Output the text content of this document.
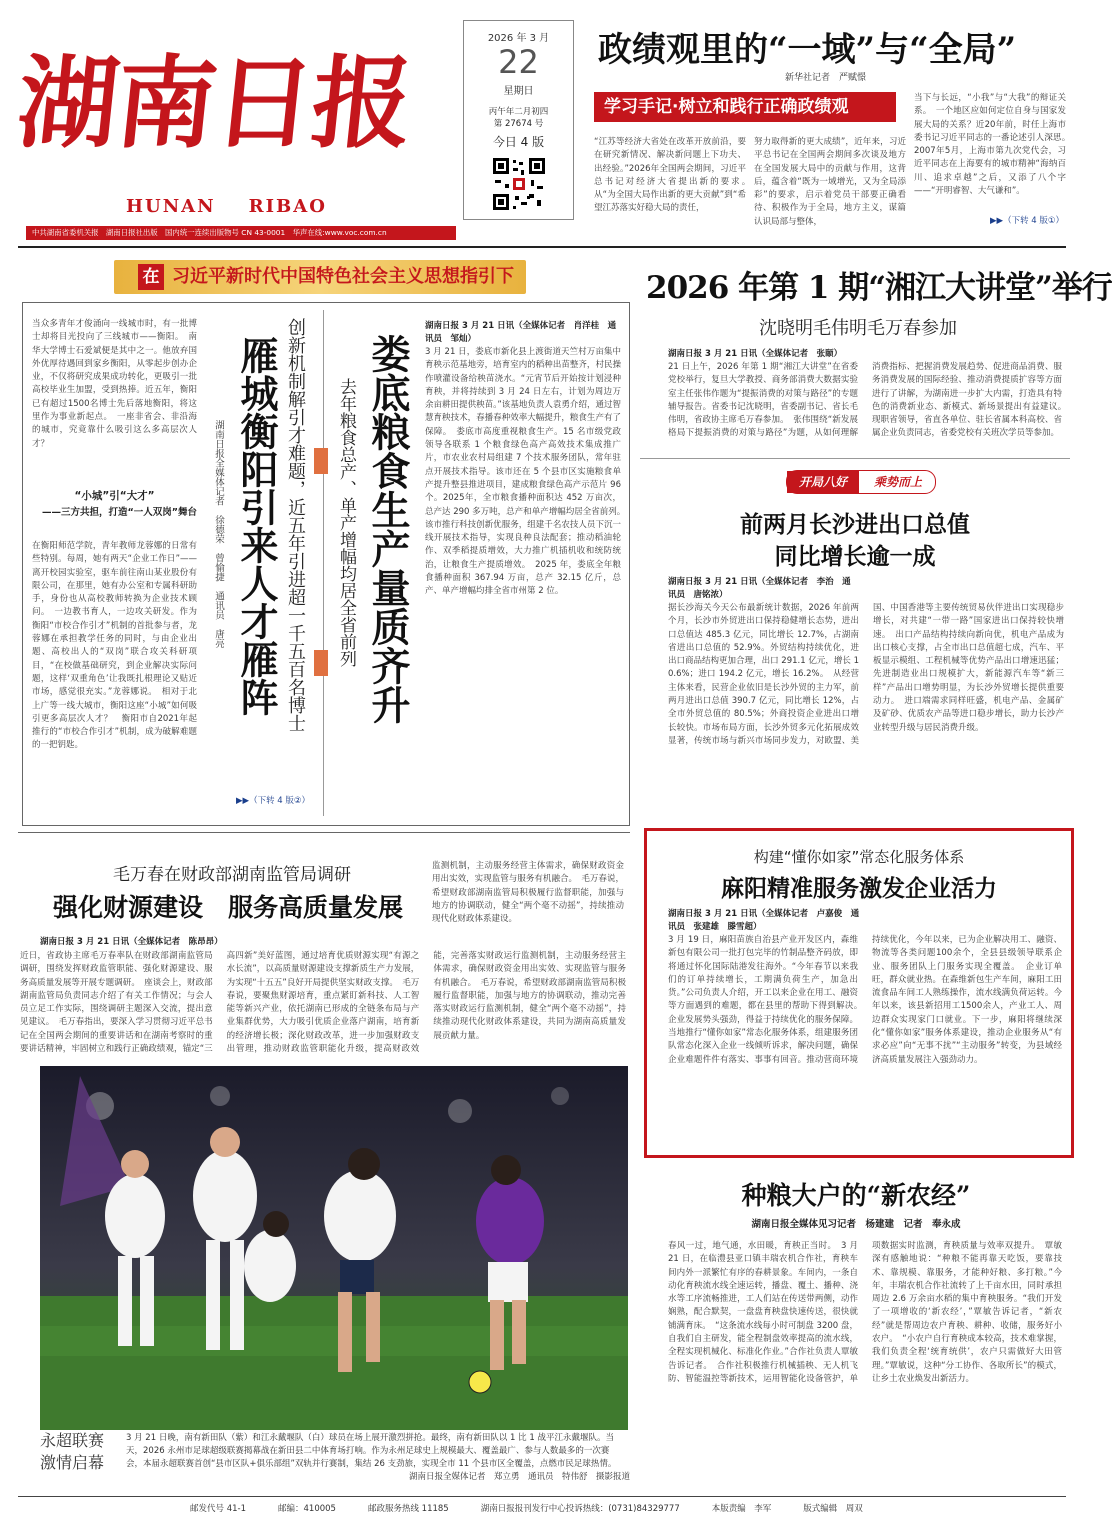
湖南日报
HUNAN    RIBAO
2026 年 3 月
22
星期日
丙午年二月初四
第 27674 号
今日 4 版
中共湖南省委机关报　湖南日报社出版　国内统一连续出版物号 CN 43-0001　华声在线:www.voc.com.cn
政绩观里的“一域”与“全局”
新华社记者　严赋憬
学习手记·树立和践行正确政绩观
“江苏等经济大省处在改革开放前沿，要在研究新情况、解决新问题上下功夫、出经验。”2026年全国两会期间，习近平总书记对经济大省提出新的要求。　从“为全国大局作出新的更大贡献”到“希望江苏落实好稳大局的责任，
努力取得新的更大成绩”，近年来，习近平总书记在全国两会期间多次谈及地方在全国发展大局中的贡献与作用，这背后，蕴含着“既为一域增光，又为全局添彩”的要求，启示着党员干部要正确看待、积极作为于全局，地方主义，谋篇认识局部与整体，
当下与长远，“小我”与“大我”的辩证关系。　一个地区应如何定位自身与国家发展大局的关系？近20年前，时任上海市委书记习近平同志的一番论述引人深思。　2007年5月，上海市第九次党代会，习近平同志在上海要有的城市精神“海纳百川、追求卓越”之后，又添了八个字——“开明睿智、大气谦和”。
▶▶（下转 4 版①）
在 习近平新时代中国特色社会主义思想指引下
当众多青年才俊涌向一线城市时，有一批博士却将目光投向了三线城市——衡阳。　南华大学博士石爱斌便是其中之一。他放弃国外优厚待遇回到家乡衡阳，从零起步创办企业，不仅将研究成果成功转化，更吸引一批高校毕业生加盟，受到热捧。近五年，衡阳已有超过1500名博士先后落地衡阳，将这里作为事业新起点。　一座非省会、非沿海的城市，究竟靠什么吸引这么多高层次人才？
“小城”引“大才”
——三方共担，打造“一人双岗”舞台
在衡阳师范学院，青年教师龙蓉娜的日常有些特别。每周，她有两天“企业工作日”——离开校园实验室，驱车前往南山某业股份有限公司，在那里，她有办公室和专属科研助手，身份也从高校教师转换为企业技术顾问。　一边教书育人，一边攻关研发。作为衡阳“市校合作引才”机制的首批参与者，龙蓉娜在承担教学任务的同时，与由企业出题、高校出人的“双岗”联合攻关科研项目，“在校做基础研究，到企业解决实际问题，这样‘双重角色’让我既扎根理论又贴近市场，感觉很充实。”龙蓉娜说。　相对于北上广等一线大城市，衡阳这座“小城”如何吸引更多高层次人才？　衡阳市自2021年起推行的“市校合作引才”机制，成为破解难题的一把钥匙。
▶▶（下转 4 版②）
雁城衡阳引来人才雁阵 创新机制解引才难题，近五年引进超一千五百名博士
湖南日报全媒体记者　徐德荣　曾愉捷　通讯员　唐亮	娄底粮食生产量质齐升
去年粮食总产、单产增幅均居全省前列
湖南日报 3 月 21 日讯（全媒体记者　肖洋桂　通讯员　邹灿）
3 月 21 日，娄底市新化县上渡街道天竺村万亩集中育秧示范基地旁，培育室内的稻种出苗整齐，村民操作喷灌设备给秧苗浇水。“元宵节后开始按计划浸种育秧，并将持续到 3 月 24 日左右，计划为周边万余亩耕田提供秧苗。”该基地负责人袁勇介绍，通过智慧育秧技术，春播春种效率大幅提升，粮食生产有了保障。　娄底市高度重视粮食生产。15 名市级党政领导各联系 1 个粮食绿色高产高效技术集成推广片，市农业农村局组建 7 个技术服务团队，常年驻点开展技术指导。该市还在 5 个县市区实施粮食单产提升整县推进项目，建成粮食绿色高产示范片 96 个。2025年，全市粮食播种面积达 452 万亩次，总产达 290 多万吨，总产和单产增幅均居全省前列。　该市推行科技创新优服务，组建千名农技人员下沉一线开展技术指导，实现良种良法配套；推动稻油轮作、双季稻提质增效，大力推广机插机收和统防统治，让粮食生产提质增效。　2025 年，娄底全年粮食播种面积 367.94 万亩，总产 32.15 亿斤，总产、单产增幅均排全省市州第 2 位。
2026 年第 1 期“湘江大讲堂”举行
沈晓明毛伟明毛万春参加
湖南日报 3 月 21 日讯（全媒体记者　张颐）
21 日上午，2026 年第 1 期“湘江大讲堂”在省委党校举行，复旦大学教授、商务部消费大数据实验室主任张伟作题为“提振消费的对策与路径”的专题辅导报告。省委书记沈晓明，省委副书记、省长毛伟明，省政协主席毛万春参加。　张伟围绕“新发展格局下提振消费的对策与路径”为题，从如何理解消费指标、把握消费发展趋势、促进商品消费、服务消费发展的国际经验、推动消费提质扩容等方面进行了讲解，为湖南进一步扩大内需，打造具有特色的消费新业态、新模式、新场景提出有益建议。　现职省领导，省直各单位、驻长省属本科高校、省属企业负责同志，省委党校有关班次学员等参加。
开局八好	乘势而上
前两月长沙进出口总值
同比增长逾一成
湖南日报 3 月 21 日讯（全媒体记者　李治　通讯员　唐铭浓）
据长沙海关今天公布最新统计数据，2026 年前两个月，长沙市外贸进出口保持稳健增长态势，进出口总值达 485.3 亿元，同比增长 12.7%，占湖南省进出口总值的 52.9%。外贸结构持续优化，进出口商品结构更加合理，出口 291.1 亿元，增长 10.6%；进口 194.2 亿元，增长 16.2%。　从经营主体来看，民营企业依旧是长沙外贸的主力军，前两月进出口总值 390.7 亿元，同比增长 12%，占全市外贸总值的 80.5%；外商投资企业进出口增长较快。市场布局方面，长沙外贸多元化拓展成效显著，传统市场与新兴市场同步发力，对欧盟、美国、中国香港等主要传统贸易伙伴进出口实现稳步增长，对共建“一带一路”国家进出口保持较快增速。　出口产品结构持续向新向优，机电产品成为出口核心支撑，占全市出口总值超七成，汽车、平板显示模组、工程机械等优势产品出口增速迅猛；先进制造业出口规模扩大，新能源汽车等“新三样”产品出口增势明显，为长沙外贸增长提供重要动力。　进口端需求同样旺盛，机电产品、金属矿及矿砂、优质农产品等进口稳步增长，助力长沙产业转型升级与居民消费升级。
毛万春在财政部湖南监管局调研
强化财源建设　服务高质量发展
湖南日报 3 月 21 日讯（全媒体记者　陈昂昂）
近日，省政协主席毛万春率队在财政部湖南监管局调研，围绕发挥财政监管职能、强化财源建设、服务高质量发展等开展专题调研。　座谈会上，财政部湖南监管局负责同志介绍了有关工作情况；与会人员立足工作实际，围绕调研主题深入交流，提出意见建议。　毛万春指出，要深入学习贯彻习近平总书记在全国两会期间的重要讲话和在湖南考察时的重要讲话精神，牢固树立和践行正确政绩观，锚定“三高四新”美好蓝图，通过培育优质财源实现“有源之水长流”，以高质量财源建设支撑新质生产力发展，为实现“十五五”良好开局提供坚实财政支撑。　毛万春说，要聚焦财源培育，重点紧盯新科技、人工智能等新兴产业，依托湖南已形成的全链条布局与产业集群优势，大力吸引优质企业落户湖南，培育新的经济增长极；深化财政改革，进一步加强财政支出管理，推动财政监管职能化升级，提高财政效能，完善落实财政运行监测机制，主动服务经营主体需求，确保财政资金用出实效、实现监管与服务有机融合。　毛万春说，希望财政部湖南监管局积极履行监督职能，加强与地方的协调联动，推动完善落实财政运行监测机制，健全“两个毫不动摇”，持续推动现代化财政体系建设，共同为湖南高质量发展贡献力量。
监测机制，主动服务经营主体需求，确保财政资金用出实效，实现监管与服务有机融合。　毛万春说，希望财政部湖南监管局积极履行监督职能，加强与地方的协调联动，健全“两个毫不动摇”，持续推动现代化财政体系建设。
构建“懂你如家”常态化服务体系
麻阳精准服务激发企业活力
湖南日报 3 月 21 日讯（全媒体记者　卢嘉俊　通讯员　张建雄　滕雪超）
3 月 19 日，麻阳苗族自治县产业开发区内，森维新包有限公司一批打包完毕的竹制品整齐码放，即将通过怀化国际陆港发往海外。“今年春节以来我们的订单持续增长，工期满负荷生产，加急出货。”公司负责人介绍，开工以来企业在用工、融资等方面遇到的难题，都在县里的帮助下得到解决。　企业发展势头强劲，得益于持续优化的服务保障。当地推行“懂你如家”常态化服务体系，组建服务团队常态化深入企业一线倾听诉求，解决问题，确保企业难题件件有落实、事事有回音。推动营商环境持续优化，今年以来，已为企业解决用工、融资、物流等各类问题100余个，全县县级领导联系企业、服务团队上门服务实现全覆盖。　企业订单旺，群众就业热。在森维新包生产车间，麻阳工田流食品车间工人熟练操作，流水线满负荷运转。今年以来，该县新招用工1500余人，产业工人、周边群众实现家门口就业。下一步，麻阳将继续深化“懂你如家”服务体系建设，推动企业服务从“有求必应”向“无事不扰”“主动服务”转变，为县域经济高质量发展注入强劲动力。
永超联赛
激情启幕
3 月 21 日晚，南有新田队（紫）和江永戴堰队（白）球员在场上展开激烈拼抢。最终，南有新田队以 1 比 1 战平江永戴堰队。当天，2026 永州市足球超级联赛揭幕战在新田县二中体育场打响。作为永州足球史上规模最大、覆盖最广、参与人数最多的一次赛会，本届永超联赛首创“县市区队+俱乐部组”双轨并行赛制，集结 26 支劲旅，实现全市 11 个县市区全覆盖，点燃市民足球热情。
湖南日报全媒体记者　郑立勇　通讯员　特伟舒　摄影报道
种粮大户的“新农经”
湖南日报全媒体见习记者　杨建建　记者　奉永成
春风一过，地气通，水田暖，育秧正当时。　3 月 21 日，在临澧县亚口镇丰瑞农机合作社，育秧车间内外一派繁忙有序的春耕景象。车间内，一条自动化育秧流水线全速运转，播盘、覆土、播种、浇水等工序流畅推进，工人们站在传送带两侧，动作娴熟，配合默契，一盘盘育秧盘快速传送，很快就铺满育床。　“这条流水线每小时可制盘 3200 盘，自我们自主研发，能全程制盘效率提高的流水线，全程实现机械化、标准化作业。”合作社负责人覃敏告诉记者。　合作社积极推行机械插秧、无人机飞防、智能温控等新技术，运用智能化设备管护，单项数据实时监测，育秧质量与效率双提升。　覃敏深有感触地说：“种粮不能再靠天吃饭，要靠技术、靠规模、靠服务，才能种好粮、多打粮。”今年，丰瑞农机合作社流转了上千亩水田，同时承担周边 2.6 万余亩水稻的集中育秧服务。“我们开发了一项增收的‘新农经’，”覃敏告诉记者，“新农经”就是帮周边农户育秧、耕种、收储，服务好小农户。　“小农户自行育秧成本较高，技术难掌握，我们负责全程‘统育统供’，农户只需做好大田管理。”覃敏说，这种“分工协作、各取所长”的模式，让乡土农业焕发出新活力。
邮发代号 41-1	邮编：410005	邮政服务热线 11185	湖南日报报刊发行中心投诉热线：(0731)84329777	本版责编　李军	版式编辑　周双
